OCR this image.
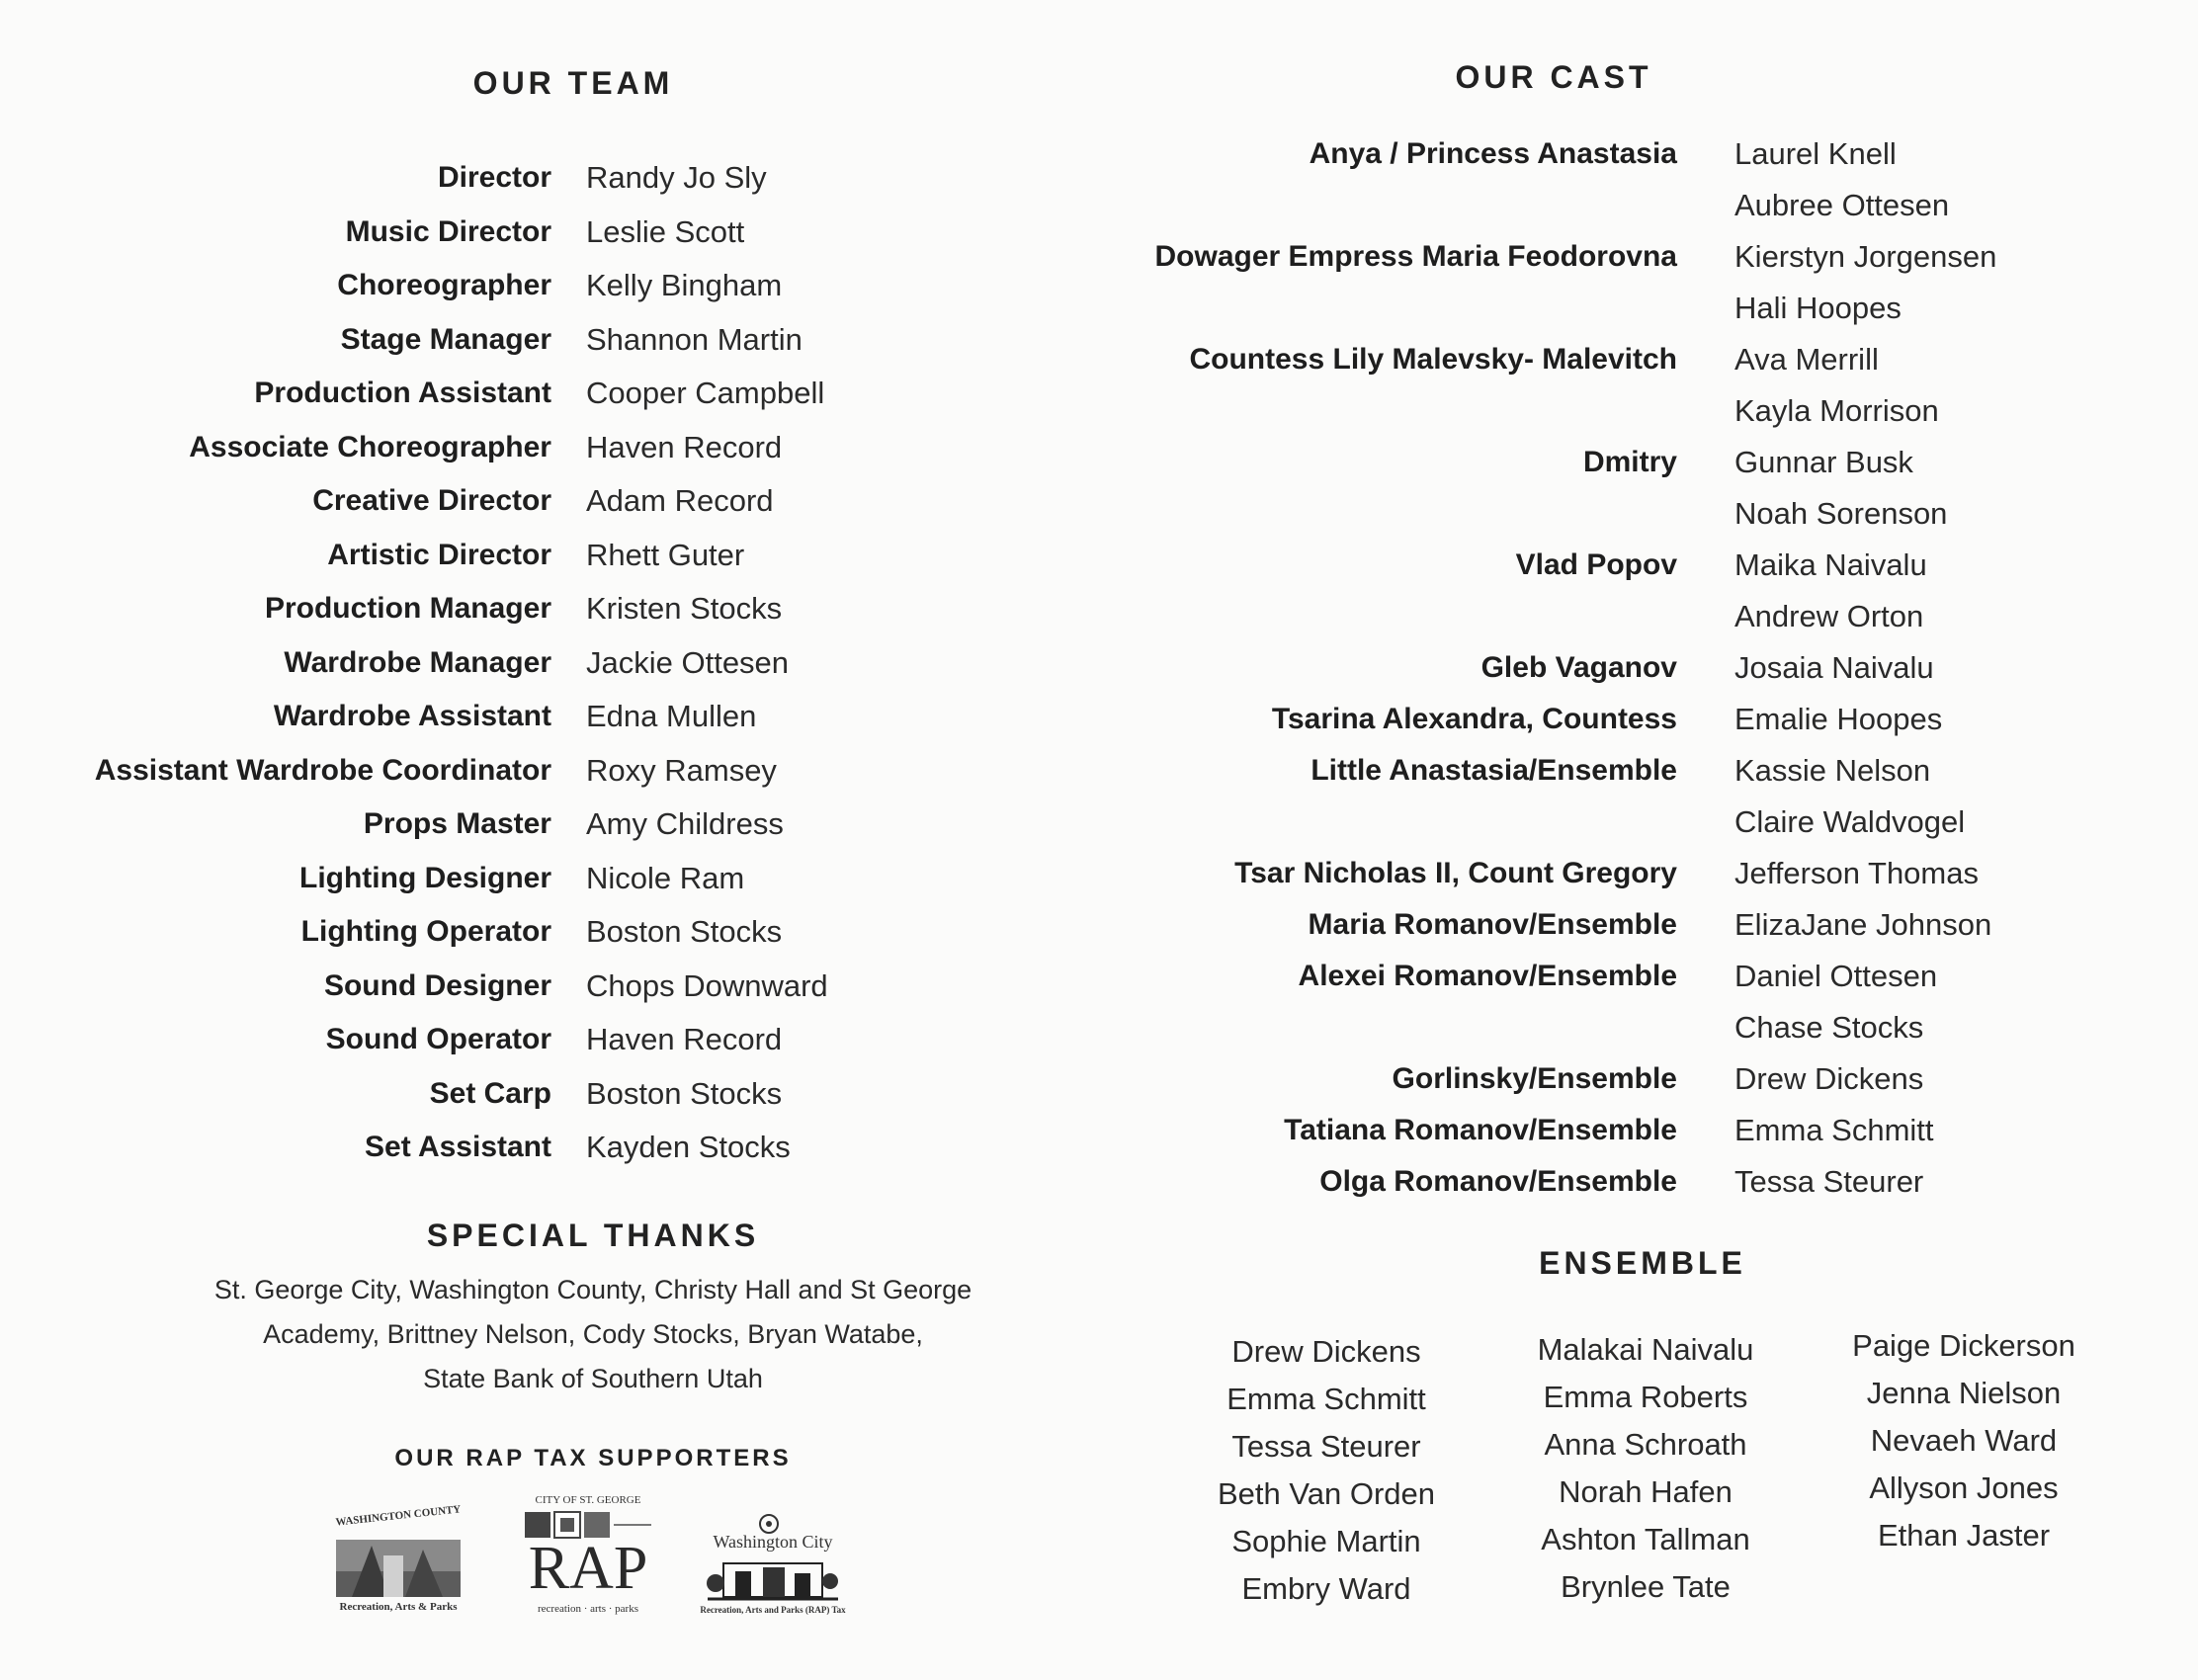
OUR TEAM
Director Randy Jo Sly
Music Director Leslie Scott
Choreographer Kelly Bingham
Stage Manager Shannon Martin
Production Assistant Cooper Campbell
Associate Choreographer Haven Record
Creative Director Adam Record
Artistic Director Rhett Guter
Production Manager Kristen Stocks
Wardrobe Manager Jackie Ottesen
Wardrobe Assistant Edna Mullen
Assistant Wardrobe Coordinator Roxy Ramsey
Props Master Amy Childress
Lighting Designer Nicole Ram
Lighting Operator Boston Stocks
Sound Designer Chops Downward
Sound Operator Haven Record
Set Carp Boston Stocks
Set Assistant Kayden Stocks
SPECIAL THANKS
St. George City, Washington County, Christy Hall and St George
Academy, Brittney Nelson, Cody Stocks, Bryan Watabe,
State Bank of Southern Utah
OUR RAP TAX SUPPORTERS
WASHINGTON COUNTY
Recreation, Arts & Parks
CITY OF ST. GEORGE
RAP
recreation · arts · parks
Washington City
Recreation, Arts and Parks (RAP) Tax
OUR CAST
Anya / Princess Anastasia Laurel Knell
Aubree Ottesen
Dowager Empress Maria Feodorovna Kierstyn Jorgensen
Hali Hoopes
Countess Lily Malevsky- Malevitch Ava Merrill
Kayla Morrison
Dmitry Gunnar Busk
Noah Sorenson
Vlad Popov Maika Naivalu
Andrew Orton
Gleb Vaganov Josaia Naivalu
Tsarina Alexandra, Countess Emalie Hoopes
Little Anastasia/Ensemble Kassie Nelson
Claire Waldvogel
Tsar Nicholas II, Count Gregory Jefferson Thomas
Maria Romanov/Ensemble ElizaJane Johnson
Alexei Romanov/Ensemble Daniel Ottesen
Chase Stocks
Gorlinsky/Ensemble Drew Dickens
Tatiana Romanov/Ensemble Emma Schmitt
Olga Romanov/Ensemble Tessa Steurer
ENSEMBLE
Drew Dickens
Emma Schmitt
Tessa Steurer
Beth Van Orden
Sophie Martin
Embry Ward
Malakai Naivalu
Emma Roberts
Anna Schroath
Norah Hafen
Ashton Tallman
Brynlee Tate
Paige Dickerson
Jenna Nielson
Nevaeh Ward
Allyson Jones
Ethan Jaster
